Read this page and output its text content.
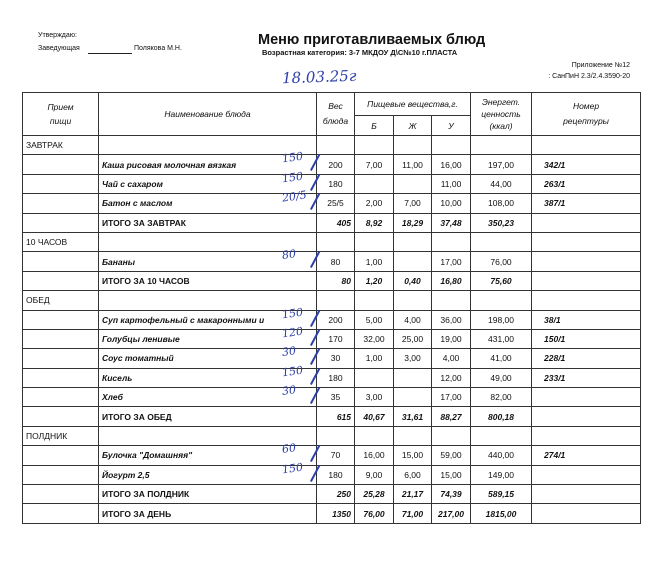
Утверждаю:
Заведующая	Полякова М.Н.
Меню приготавливаемых блюд
Возрастная категория: 3-7 МКДОУ Д\С№10 г.ПЛАСТА
Приложение №12
: СанПиН 2.3/2.4.3590-20
18.03.25г
Прием пищи	Наименование блюда	Вес блюда	Пищевые вещества,г.			Энергет. ценность (ккал)	Номер рецептуры
			Б	Ж	У		
ЗАВТРАК							
	Каша рисовая молочная вязкая	200	7,00	11,00	16,00	197,00	342/1
	Чай с сахаром	180			11,00	44,00	263/1
	Батон с маслом	25/5	2,00	7,00	10,00	108,00	387/1
	ИТОГО ЗА ЗАВТРАК	405	8,92	18,29	37,48	350,23	
10 ЧАСОВ							
	Бананы	80	1,00		17,00	76,00	
	ИТОГО ЗА 10 ЧАСОВ	80	1,20	0,40	16,80	75,60	
ОБЕД							
	Суп картофельный с макаронными и	200	5,00	4,00	36,00	198,00	38/1
	Голубцы ленивые	170	32,00	25,00	19,00	431,00	150/1
	Соус томатный	30	1,00	3,00	4,00	41,00	228/1
	Кисель	180			12,00	49,00	233/1
	Хлеб	35	3,00		17,00	82,00	
	ИТОГО ЗА ОБЕД	615	40,67	31,61	88,27	800,18	
ПОЛДНИК							
	Булочка "Домашняя"	70	16,00	15,00	59,00	440,00	274/1
	Йогурт 2,5	180	9,00	6,00	15,00	149,00	
	ИТОГО ЗА ПОЛДНИК	250	25,28	21,17	74,39	589,15	
	ИТОГО ЗА ДЕНЬ	1350	76,00	71,00	217,00	1815,00	
150
150
20/5
80
150
120
30
150
30
60
150
